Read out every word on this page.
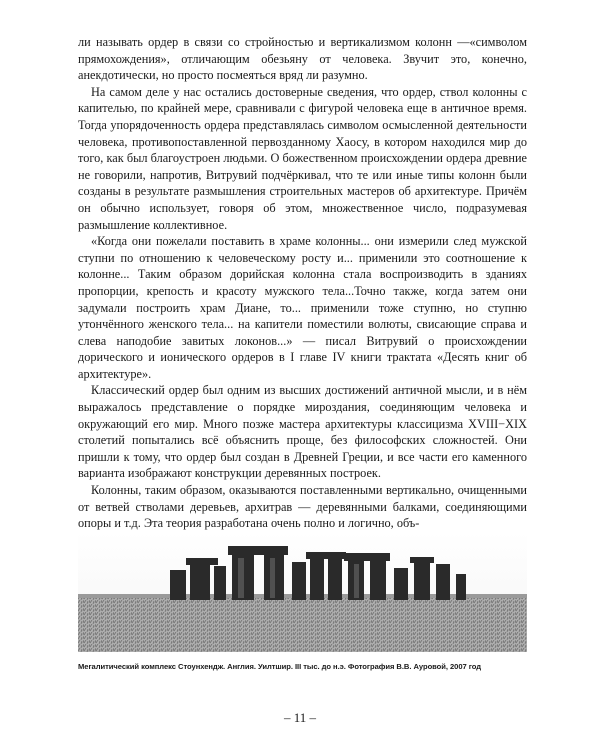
ли называть ордер в связи со стройностью и вертикализмом колонн —«символом прямохождения», отличающим обезьяну от человека. Звучит это, конечно, анекдотически, но просто посмеяться вряд ли разумно.

На самом деле у нас остались достоверные сведения, что ордер, ствол колонны с капителью, по крайней мере, сравнивали с фигурой человека еще в античное время. Тогда упорядоченность ордера представлялась символом осмысленной деятельности человека, противопоставленной первозданному Хаосу, в котором находился мир до того, как был благоустроен людьми. О божественном происхождении ордера древние не говорили, напротив, Витрувий подчёркивал, что те или иные типы колонн были созданы в результате размышления строительных мастеров об архитектуре. Причём он обычно использует, говоря об этом, множественное число, подразумевая размышление коллективное.

«Когда они пожелали поставить в храме колонны... они измерили след мужской ступни по отношению к человеческому росту и... применили это соотношение к колонне... Таким образом дорийская колонна стала воспроизводить в зданиях пропорции, крепость и красоту мужского тела...Точно также, когда затем они задумали построить храм Диане, то... применили тоже ступню, но ступню утончённого женского тела... на капители поместили волюты, свисающие справа и слева наподобие завитых локонов...» — писал Витрувий о происхождении дорического и ионического ордеров в I главе IV книги трактата «Десять книг об архитектуре».

Классический ордер был одним из высших достижений античной мысли, и в нём выражалось представление о порядке мироздания, соединяющим человека и окружающий его мир. Много позже мастера архитектуры классицизма XVIII−XIX столетий попытались всё объяснить проще, без философских сложностей. Они пришли к тому, что ордер был создан в Древней Греции, и все части его каменного варианта изображают конструкции деревянных построек.

Колонны, таким образом, оказываются поставленными вертикально, очищенными от ветвей стволами деревьев, архитрав — деревянными балками, соединяющими опоры и т.д. Эта теория разработана очень полно и логично, объ-

Мегалитический комплекс Стоунхендж. Англия. Уилтшир. III тыс. до н.э. Фотография В.В. Ауровой, 2007 год
– 11 –
